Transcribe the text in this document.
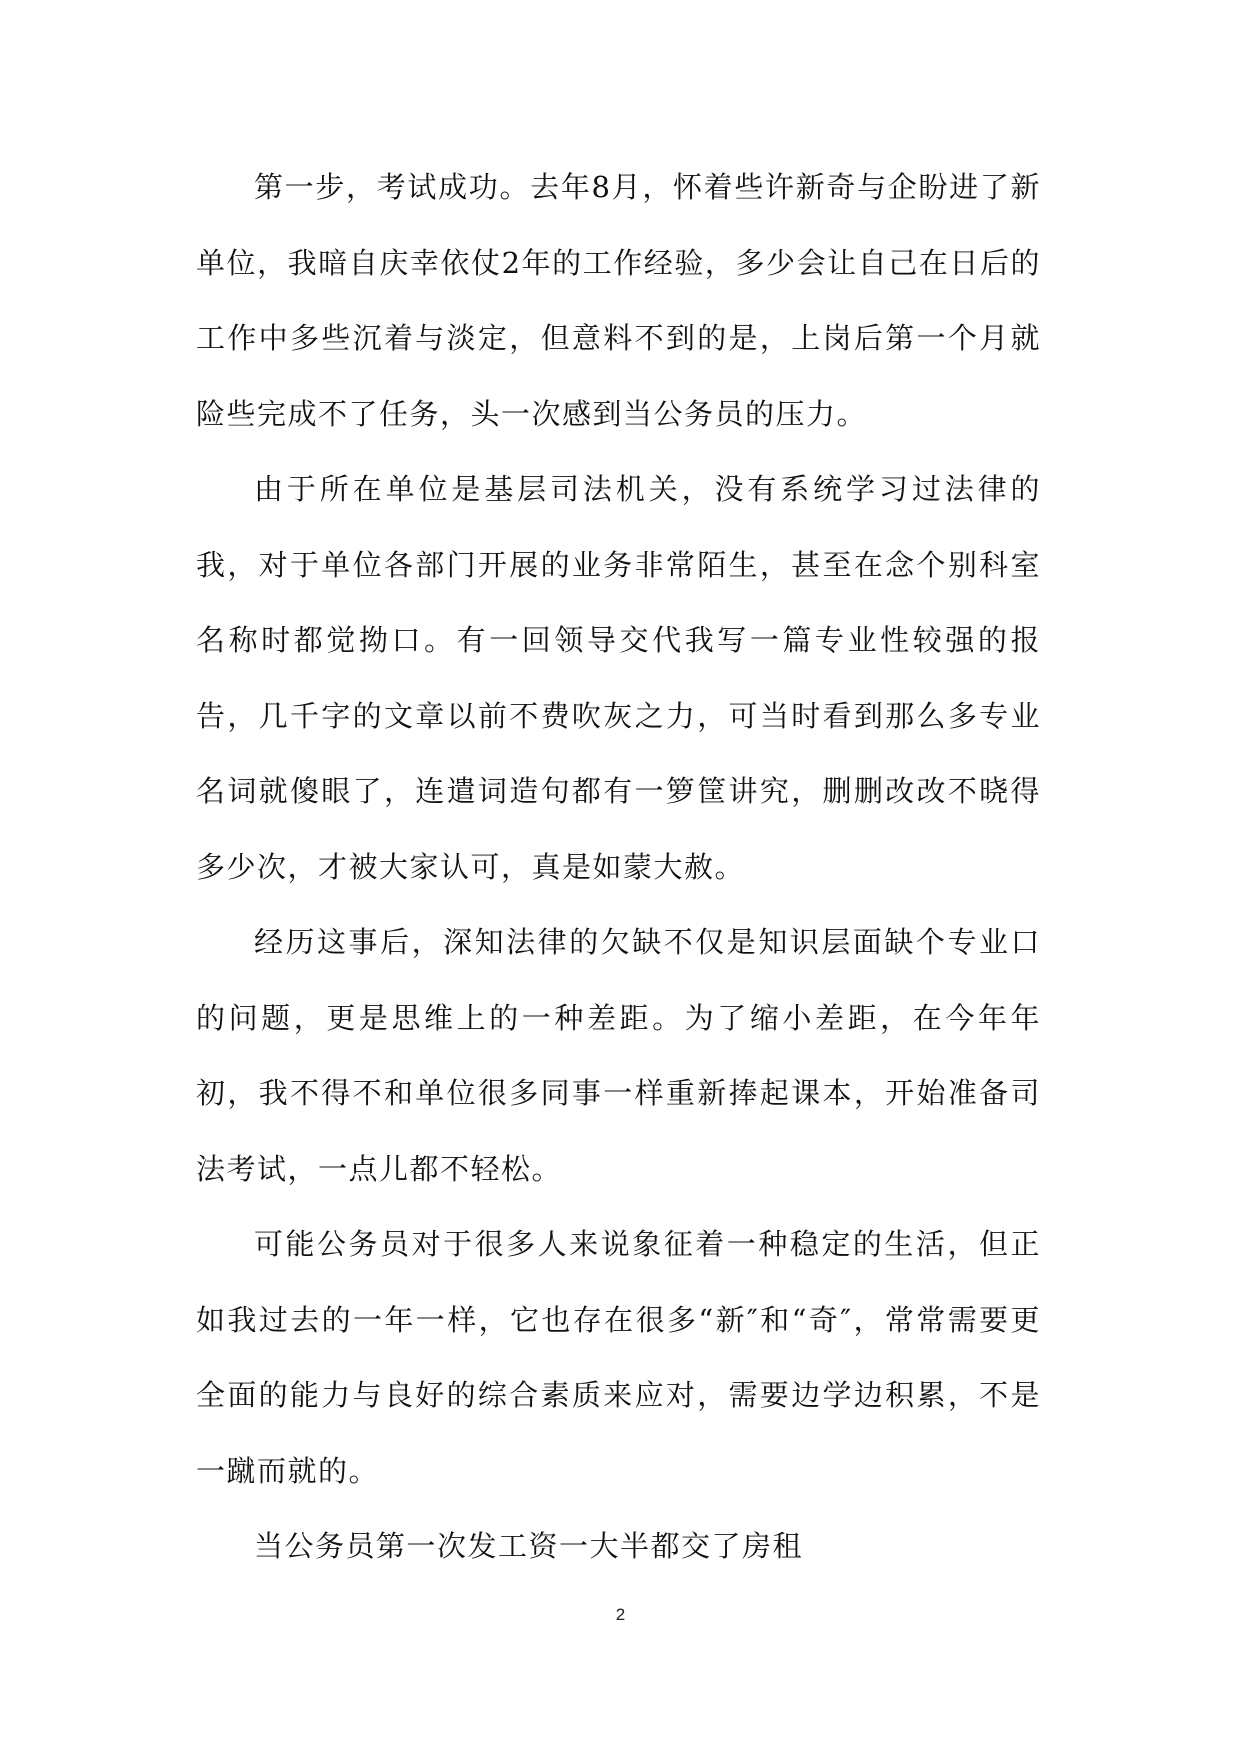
第一步，考试成功。去年8月，怀着些许新奇与企盼进了新单位，我暗自庆幸依仗2年的工作经验，多少会让自己在日后的工作中多些沉着与淡定，但意料不到的是，上岗后第一个月就险些完成不了任务，头一次感到当公务员的压力。

由于所在单位是基层司法机关，没有系统学习过法律的我，对于单位各部门开展的业务非常陌生，甚至在念个别科室名称时都觉拗口。有一回领导交代我写一篇专业性较强的报告，几千字的文章以前不费吹灰之力，可当时看到那么多专业名词就傻眼了，连遣词造句都有一箩筐讲究，删删改改不晓得多少次，才被大家认可，真是如蒙大赦。

经历这事后，深知法律的欠缺不仅是知识层面缺个专业口的问题，更是思维上的一种差距。为了缩小差距，在今年年初，我不得不和单位很多同事一样重新捧起课本，开始准备司法考试，一点儿都不轻松。

可能公务员对于很多人来说象征着一种稳定的生活，但正如我过去的一年一样，它也存在很多“新″和“奇″，常常需要更全面的能力与良好的综合素质来应对，需要边学边积累，不是一蹴而就的。

当公务员第一次发工资一大半都交了房租

2
